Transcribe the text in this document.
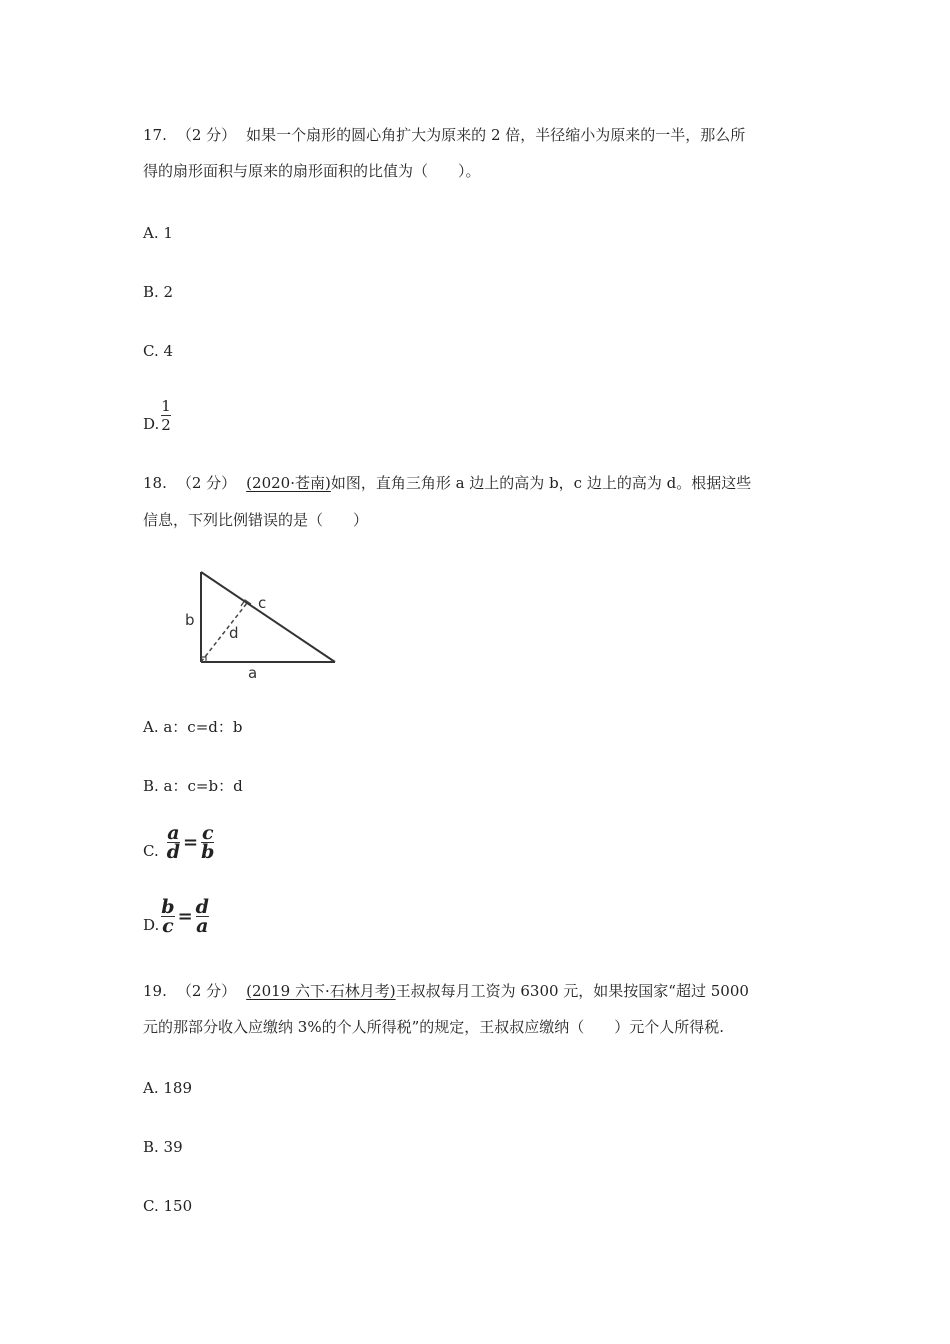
17. （2 分） 如果一个扇形的圆心角扩大为原来的 2 倍，半径缩小为原来的一半，那么所
得的扇形面积与原来的扇形面积的比值为（　　）。
A. 1
B. 2
C. 4
D. $\frac{1}{2}$
18. （2 分） (2020·苍南)如图，直角三角形 a 边上的高为 b，c 边上的高为 d。根据这些
信息，下列比例错误的是（　　）
b
c
d
a
A. a：c=d：b
B. a：c=b：d
C. $\frac{a}{d} = \frac{c}{b}$
D. $\frac{b}{c} = \frac{d}{a}$
19. （2 分） (2019 六下·石林月考)王叔叔每月工资为 6300 元，如果按国家“超过 5000
元的那部分收入应缴纳 3%的个人所得税”的规定，王叔叔应缴纳（　　）元个人所得税.
A. 189
B. 39
C. 150
